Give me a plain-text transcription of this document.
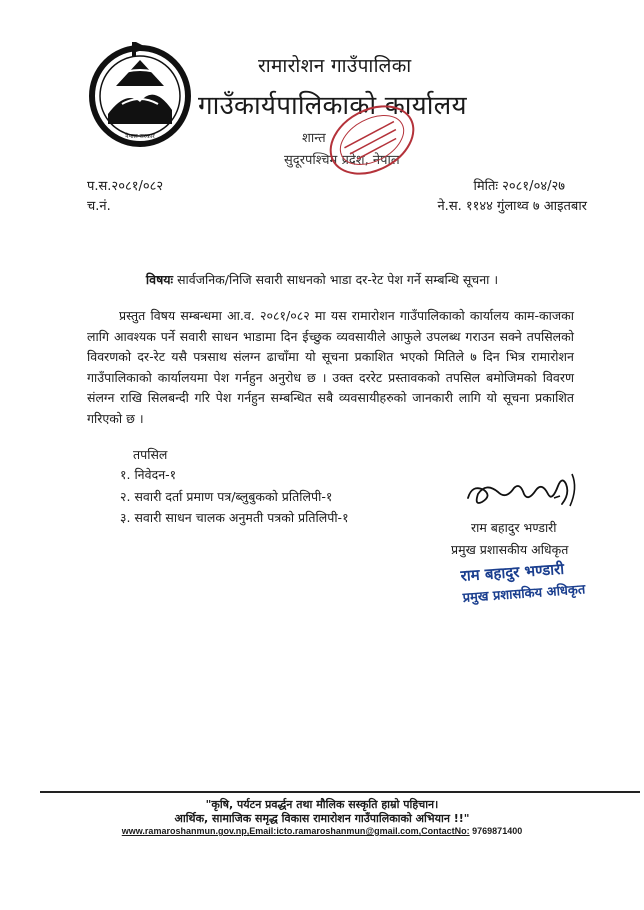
नेपाल सरकार
रामारोशन गाउँपालिका
गाउँकार्यपालिकाको कार्यालय
शान्त
सुदूरपश्चिम प्रदेश, नेपाल
प.स.२०८१/०८२
च.नं.
मितिः २०८१/०४/२७
ने.स. ११४४ गुंलाथ्व ७ आइतबार
विषयः सार्वजनिक/निजि सवारी साधनको भाडा दर-रेट पेश गर्ने सम्बन्धि सूचना ।
प्रस्तुत विषय सम्बन्धमा आ.व. २०८१/०८२ मा यस रामारोशन गाउँपालिकाको कार्यालय काम-काजका लागि आवश्यक पर्ने सवारी साधन भाडामा दिन ईच्छुक व्यवसायीले आफुले उपलब्ध गराउन सक्ने तपसिलको विवरणको दर-रेट यसै पत्रसाथ संलग्न ढाचाँमा यो सूचना प्रकाशित भएको मितिले ७ दिन भित्र रामारोशन गाउँपालिकाको कार्यालयमा पेश गर्नहुन अनुरोध छ । उक्त दररेट प्रस्तावकको तपसिल बमोजिमको विवरण संलग्न राखि सिलबन्दी गरि पेश गर्नहुन सम्बन्धित सबै व्यवसायीहरुको जानकारी लागि यो सूचना प्रकाशित गरिएको छ ।
तपसिल
१. निवेदन-१
२. सवारी दर्ता प्रमाण पत्र/ब्लुबुकको प्रतिलिपी-१
३. सवारी साधन चालक अनुमती पत्रको प्रतिलिपी-१
राम बहादुर भण्डारी
प्रमुख प्रशासकीय अधिकृत
राम बहादुर भण्डारी
प्रमुख प्रशासकिय अधिकृत
"कृषि, पर्यटन प्रवर्द्धन तथा मौलिक सस्कृति हाम्रो पहिचान।
आर्थिक, सामाजिक समृद्ध विकास रामारोशन गाउँपालिकाको अभियान !!"
www.ramaroshanmun.gov.np,Email:icto.ramaroshanmun@gmail.com,ContactNo: 9769871400
